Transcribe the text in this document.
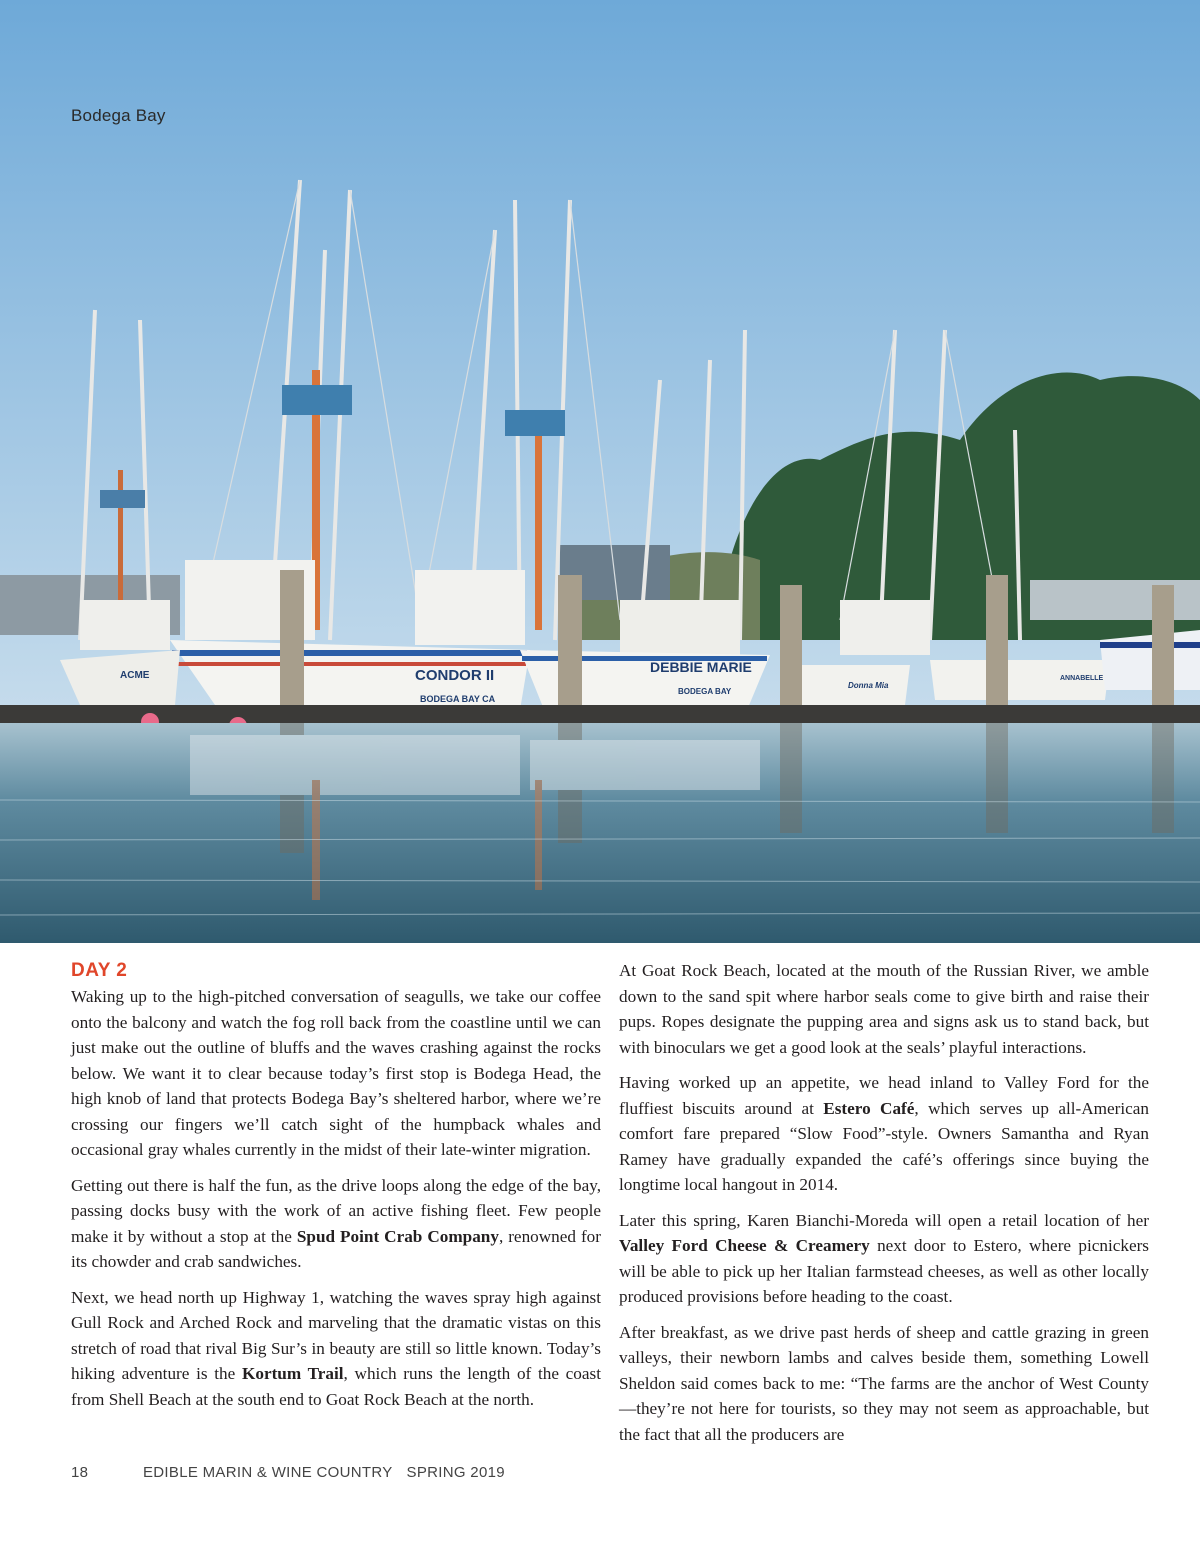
CONDOR II
BODEGA BAY CA
DEBBIE MARIE
BODEGA BAY
ACME
Donna Mia
ANNABELLE
Bodega Bay
DAY 2

Waking up to the high-pitched conversation of seagulls, we take our coffee onto the balcony and watch the fog roll back from the coastline until we can just make out the outline of bluffs and the waves crashing against the rocks below. We want it to clear because today’s first stop is Bodega Head, the high knob of land that protects Bodega Bay’s sheltered harbor, where we’re crossing our fingers we’ll catch sight of the humpback whales and occasional gray whales currently in the midst of their late-winter migration.

Getting out there is half the fun, as the drive loops along the edge of the bay, passing docks busy with the work of an active fishing fleet. Few people make it by without a stop at the Spud Point Crab Company, renowned for its chowder and crab sandwiches.

Next, we head north up Highway 1, watching the waves spray high against Gull Rock and Arched Rock and marveling that the dramatic vistas on this stretch of road that rival Big Sur’s in beauty are still so little known. Today’s hiking adventure is the Kortum Trail, which runs the length of the coast from Shell Beach at the south end to Goat Rock Beach at the north.

At Goat Rock Beach, located at the mouth of the Russian River, we amble down to the sand spit where harbor seals come to give birth and raise their pups. Ropes designate the pupping area and signs ask us to stand back, but with binoculars we get a good look at the seals’ playful interactions.

Having worked up an appetite, we head inland to Valley Ford for the fluffiest biscuits around at Estero Café, which serves up all-American comfort fare prepared “Slow Food”-style. Owners Samantha and Ryan Ramey have gradually expanded the café’s offerings since buying the longtime local hangout in 2014.

Later this spring, Karen Bianchi-Moreda will open a retail location of her Valley Ford Cheese & Creamery next door to Estero, where picnickers will be able to pick up her Italian farmstead cheeses, as well as other locally produced provisions before heading to the coast.

After breakfast, as we drive past herds of sheep and cattle grazing in green valleys, their newborn lambs and calves beside them, something Lowell Sheldon said comes back to me: “The farms are the anchor of West County—they’re not here for tourists, so they may not seem as approachable, but the fact that all the producers are

18	EDIBLE MARIN & WINE COUNTRY SPRING 2019
